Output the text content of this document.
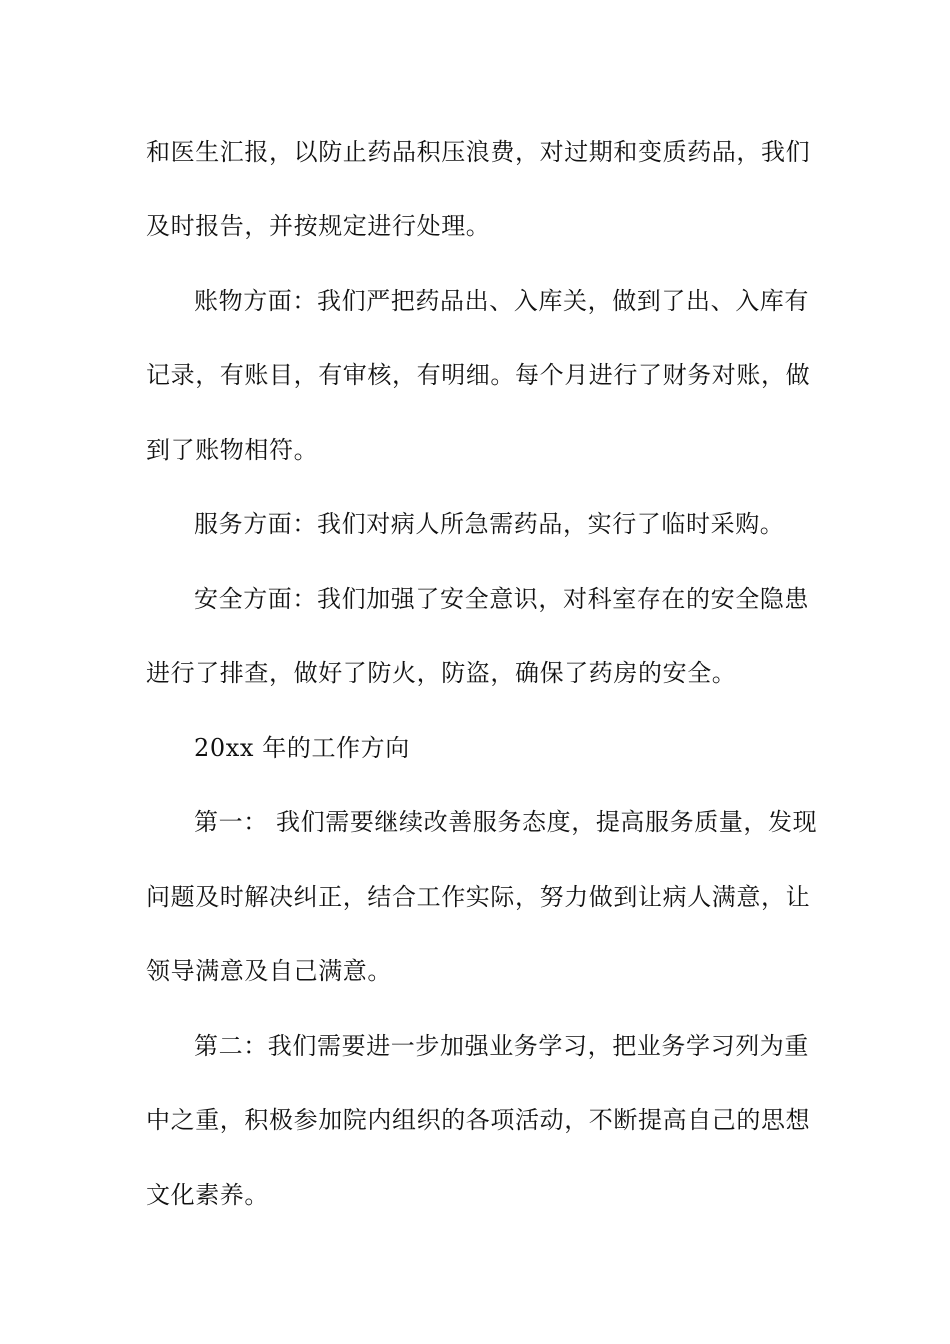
和医生汇报，以防止药品积压浪费，对过期和变质药品，我们
及时报告，并按规定进行处理。
账物方面：我们严把药品出、入库关，做到了出、入库有
记录，有账目，有审核，有明细。每个月进行了财务对账，做
到了账物相符。
服务方面：我们对病人所急需药品，实行了临时采购。
安全方面：我们加强了安全意识，对科室存在的安全隐患
进行了排查，做好了防火，防盗，确保了药房的安全。
20xx 年的工作方向
第一： 我们需要继续改善服务态度，提高服务质量，发现
问题及时解决纠正，结合工作实际，努力做到让病人满意，让
领导满意及自己满意。
第二：我们需要进一步加强业务学习，把业务学习列为重
中之重，积极参加院内组织的各项活动，不断提高自己的思想
文化素养。
